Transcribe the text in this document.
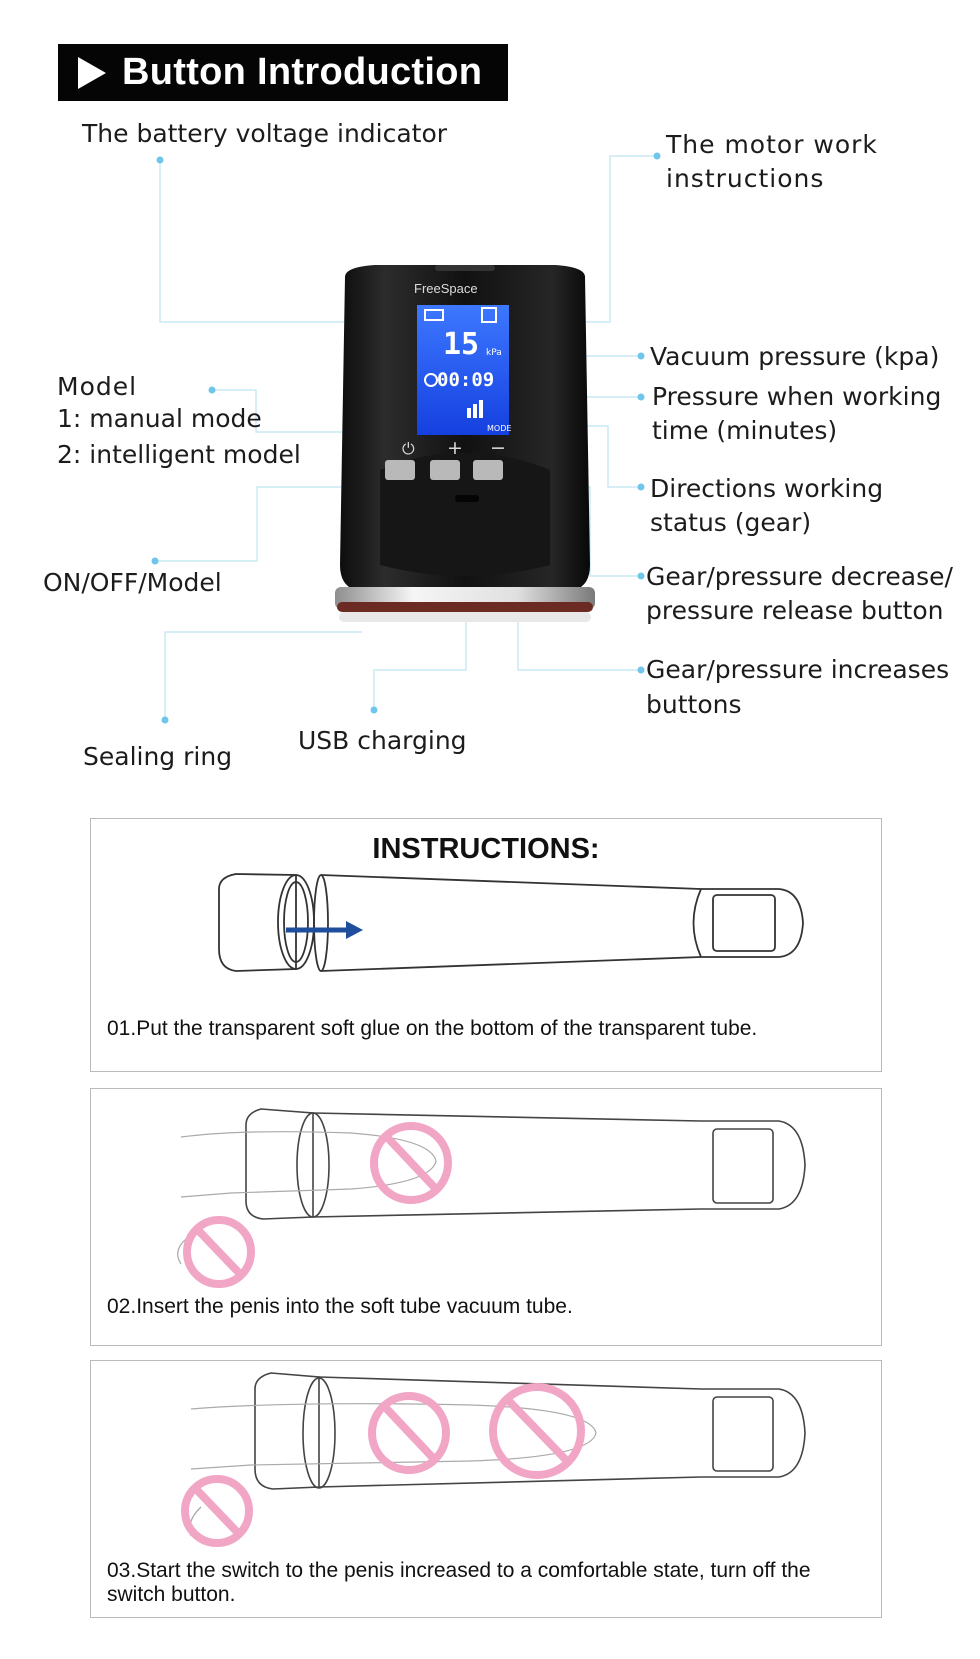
Button Introduction
FreeSpace
15 kPa
00:09
MODE
⏻ + −
The battery voltage indicator	The motor work
instructions
Vacuum pressure (kpa)
Pressure when working
time (minutes)
Model
1: manual mode
2: intelligent model
Directions working
status (gear)
ON/OFF/Model	Gear/pressure decrease/
pressure release button
Gear/pressure increases
buttons
Sealing ring
USB charging
INSTRUCTIONS:
01.Put the transparent soft glue on the bottom of the transparent tube.
02.Insert the penis into the soft tube vacuum tube.
03.Start the switch to the penis increased to a comfortable state, turn off the switch button.
